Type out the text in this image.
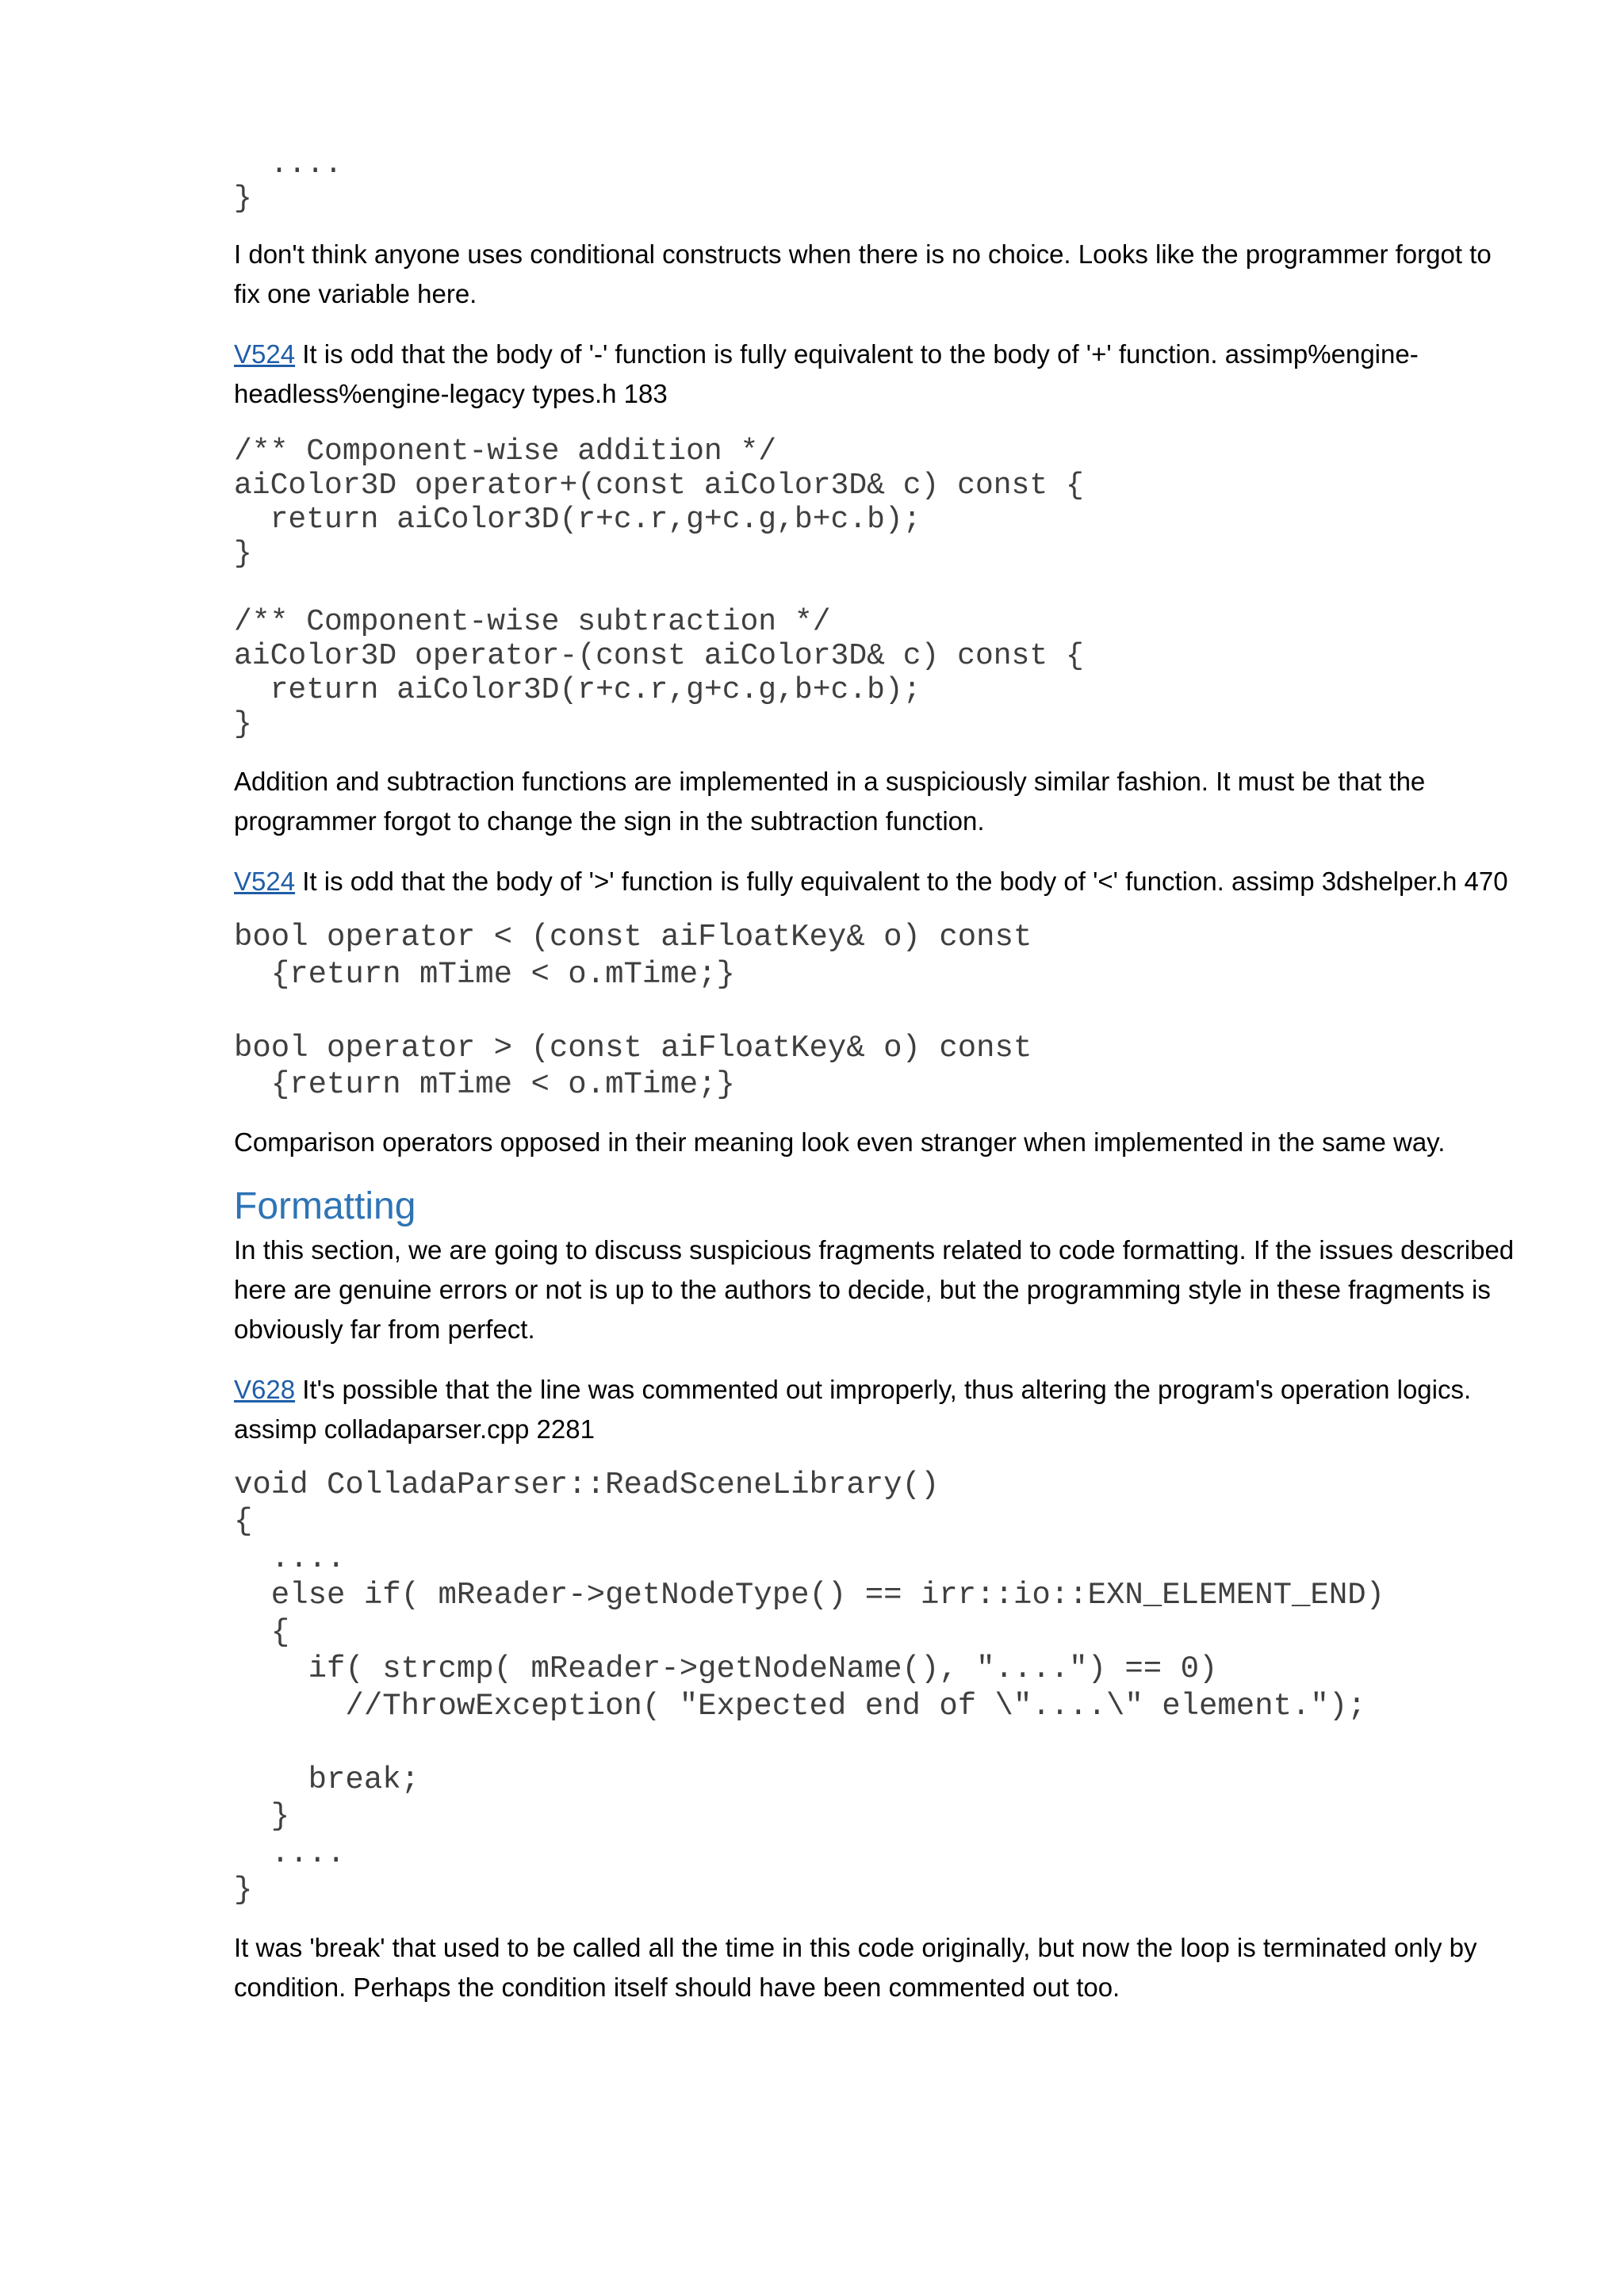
....
}

I don't think anyone uses conditional constructs when there is no choice. Looks like the programmer forgot to fix one variable here.

V524 It is odd that the body of '-' function is fully equivalent to the body of '+' function. assimp%engine-headless%engine-legacy types.h 183

/** Component-wise addition */
aiColor3D operator+(const aiColor3D& c) const {
return aiColor3D(r+c.r,g+c.g,b+c.b);
}

/** Component-wise subtraction */
aiColor3D operator-(const aiColor3D& c) const {
return aiColor3D(r+c.r,g+c.g,b+c.b);
}

Addition and subtraction functions are implemented in a suspiciously similar fashion. It must be that the programmer forgot to change the sign in the subtraction function.

V524 It is odd that the body of '>' function is fully equivalent to the body of '<' function. assimp 3dshelper.h 470

bool operator < (const aiFloatKey& o) const
{return mTime < o.mTime;}

bool operator > (const aiFloatKey& o) const
{return mTime < o.mTime;}

Comparison operators opposed in their meaning look even stranger when implemented in the same way.

Formatting

In this section, we are going to discuss suspicious fragments related to code formatting. If the issues described here are genuine errors or not is up to the authors to decide, but the programming style in these fragments is obviously far from perfect.

V628 It's possible that the line was commented out improperly, thus altering the program's operation logics. assimp colladaparser.cpp 2281

void ColladaParser::ReadSceneLibrary()
{
....
else if( mReader->getNodeType() == irr::io::EXN_ELEMENT_END)
{
if( strcmp( mReader->getNodeName(), "....") == 0)
//ThrowException( "Expected end of \"....\" element.");

break;
}
....
}

It was 'break' that used to be called all the time in this code originally, but now the loop is terminated only by condition. Perhaps the condition itself should have been commented out too.
